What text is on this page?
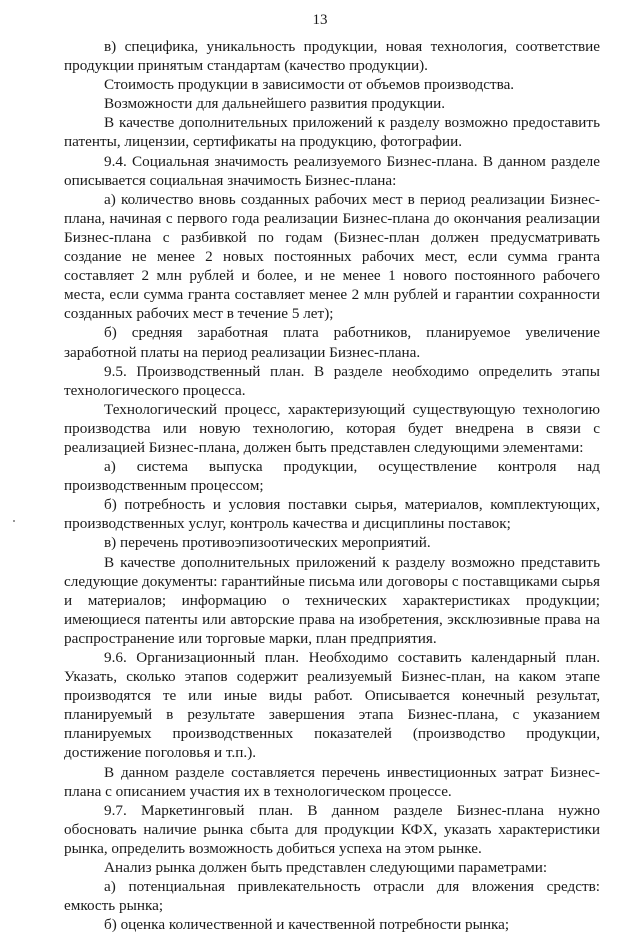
13

в) специфика, уникальность продукции, новая технология, соответствие продукции принятым стандартам (качество продукции).

Стоимость продукции в зависимости от объемов производства.

Возможности для дальнейшего развития продукции.

В качестве дополнительных приложений к разделу возможно предоставить патенты, лицензии, сертификаты на продукцию, фотографии.

9.4. Социальная значимость реализуемого Бизнес-плана. В данном разделе описывается социальная значимость Бизнес-плана:

а) количество вновь созданных рабочих мест в период реализации Бизнес-плана, начиная с первого года реализации Бизнес-плана до окончания реализации Бизнес-плана с разбивкой по годам (Бизнес-план должен предусматривать создание не менее 2 новых постоянных рабочих мест, если сумма гранта составляет 2 млн рублей и более, и не менее 1 нового постоянного рабочего места, если сумма гранта составляет менее 2 млн рублей и гарантии сохранности созданных рабочих мест в течение 5 лет);

б) средняя заработная плата работников, планируемое увеличение заработной платы на период реализации Бизнес-плана.

9.5. Производственный план. В разделе необходимо определить этапы технологического процесса.

Технологический процесс, характеризующий существующую технологию производства или новую технологию, которая будет внедрена в связи с реализацией Бизнес-плана, должен быть представлен следующими элементами:

а) система выпуска продукции, осуществление контроля над производственным процессом;

б) потребность и условия поставки сырья, материалов, комплектующих, производственных услуг, контроль качества и дисциплины поставок;

в) перечень противоэпизоотических мероприятий.

В качестве дополнительных приложений к разделу возможно представить следующие документы: гарантийные письма или договоры с поставщиками сырья и материалов; информацию о технических характеристиках продукции; имеющиеся патенты или авторские права на изобретения, эксклюзивные права на распространение или торговые марки, план предприятия.

9.6. Организационный план. Необходимо составить календарный план. Указать, сколько этапов содержит реализуемый Бизнес-план, на каком этапе производятся те или иные виды работ. Описывается конечный результат, планируемый в результате завершения этапа Бизнес-плана, с указанием планируемых производственных показателей (производство продукции, достижение поголовья и т.п.).

В данном разделе составляется перечень инвестиционных затрат Бизнес-плана с описанием участия их в технологическом процессе.

9.7. Маркетинговый план. В данном разделе Бизнес-плана нужно обосновать наличие рынка сбыта для продукции КФХ, указать характеристики рынка, определить возможность добиться успеха на этом рынке.

Анализ рынка должен быть представлен следующими параметрами:

а) потенциальная привлекательность отрасли для вложения средств: емкость рынка;

б) оценка количественной и качественной потребности рынка;
